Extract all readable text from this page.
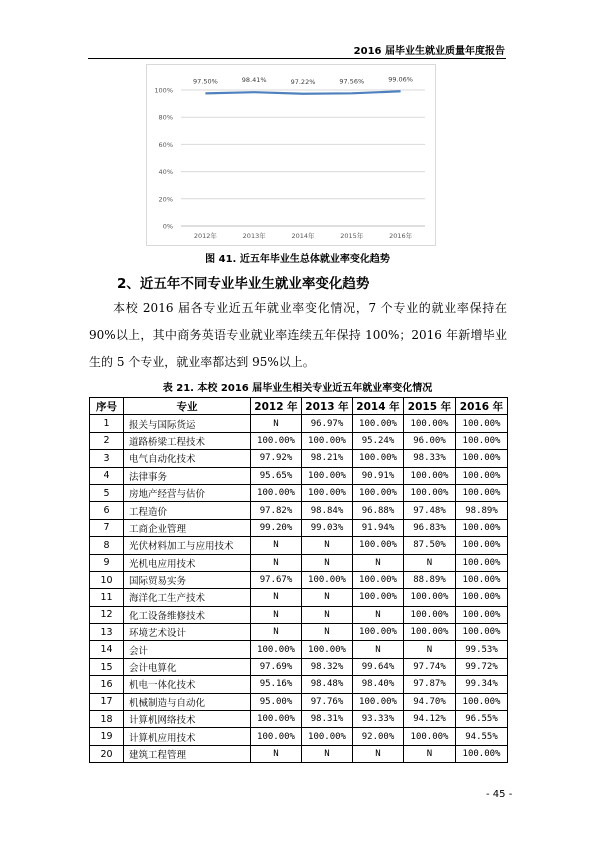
2016 届毕业生就业质量年度报告
0%
20%
40%
60%
80%
100%
2012年	2013年	2014年	2015年	2016年
97.50%	98.41%	97.22%	97.56%	99.06%
图 41. 近五年毕业生总体就业率变化趋势
2、近五年不同专业毕业生就业率变化趋势

本校 2016 届各专业近五年就业率变化情况，7 个专业的就业率保持在 90%以上，其中商务英语专业就业率连续五年保持 100%；2016 年新增毕业生的 5 个专业，就业率都达到 95%以上。

表 21. 本校 2016 届毕业生相关专业近五年就业率变化情况
序号	专业	2012 年	2013 年	2014 年	2015 年	2016 年
1	报关与国际货运	N	96.97%	100.00%	100.00%	100.00%
2	道路桥梁工程技术	100.00%	100.00%	95.24%	96.00%	100.00%
3	电气自动化技术	97.92%	98.21%	100.00%	98.33%	100.00%
4	法律事务	95.65%	100.00%	90.91%	100.00%	100.00%
5	房地产经营与估价	100.00%	100.00%	100.00%	100.00%	100.00%
6	工程造价	97.82%	98.84%	96.88%	97.48%	98.89%
7	工商企业管理	99.20%	99.03%	91.94%	96.83%	100.00%
8	光伏材料加工与应用技术	N	N	100.00%	87.50%	100.00%
9	光机电应用技术	N	N	N	N	100.00%
10	国际贸易实务	97.67%	100.00%	100.00%	88.89%	100.00%
11	海洋化工生产技术	N	N	100.00%	100.00%	100.00%
12	化工设备维修技术	N	N	N	100.00%	100.00%
13	环境艺术设计	N	N	100.00%	100.00%	100.00%
14	会计	100.00%	100.00%	N	N	99.53%
15	会计电算化	97.69%	98.32%	99.64%	97.74%	99.72%
16	机电一体化技术	95.16%	98.48%	98.40%	97.87%	99.34%
17	机械制造与自动化	95.00%	97.76%	100.00%	94.70%	100.00%
18	计算机网络技术	100.00%	98.31%	93.33%	94.12%	96.55%
19	计算机应用技术	100.00%	100.00%	92.00%	100.00%	94.55%
20	建筑工程管理	N	N	N	N	100.00%
- 45 -
